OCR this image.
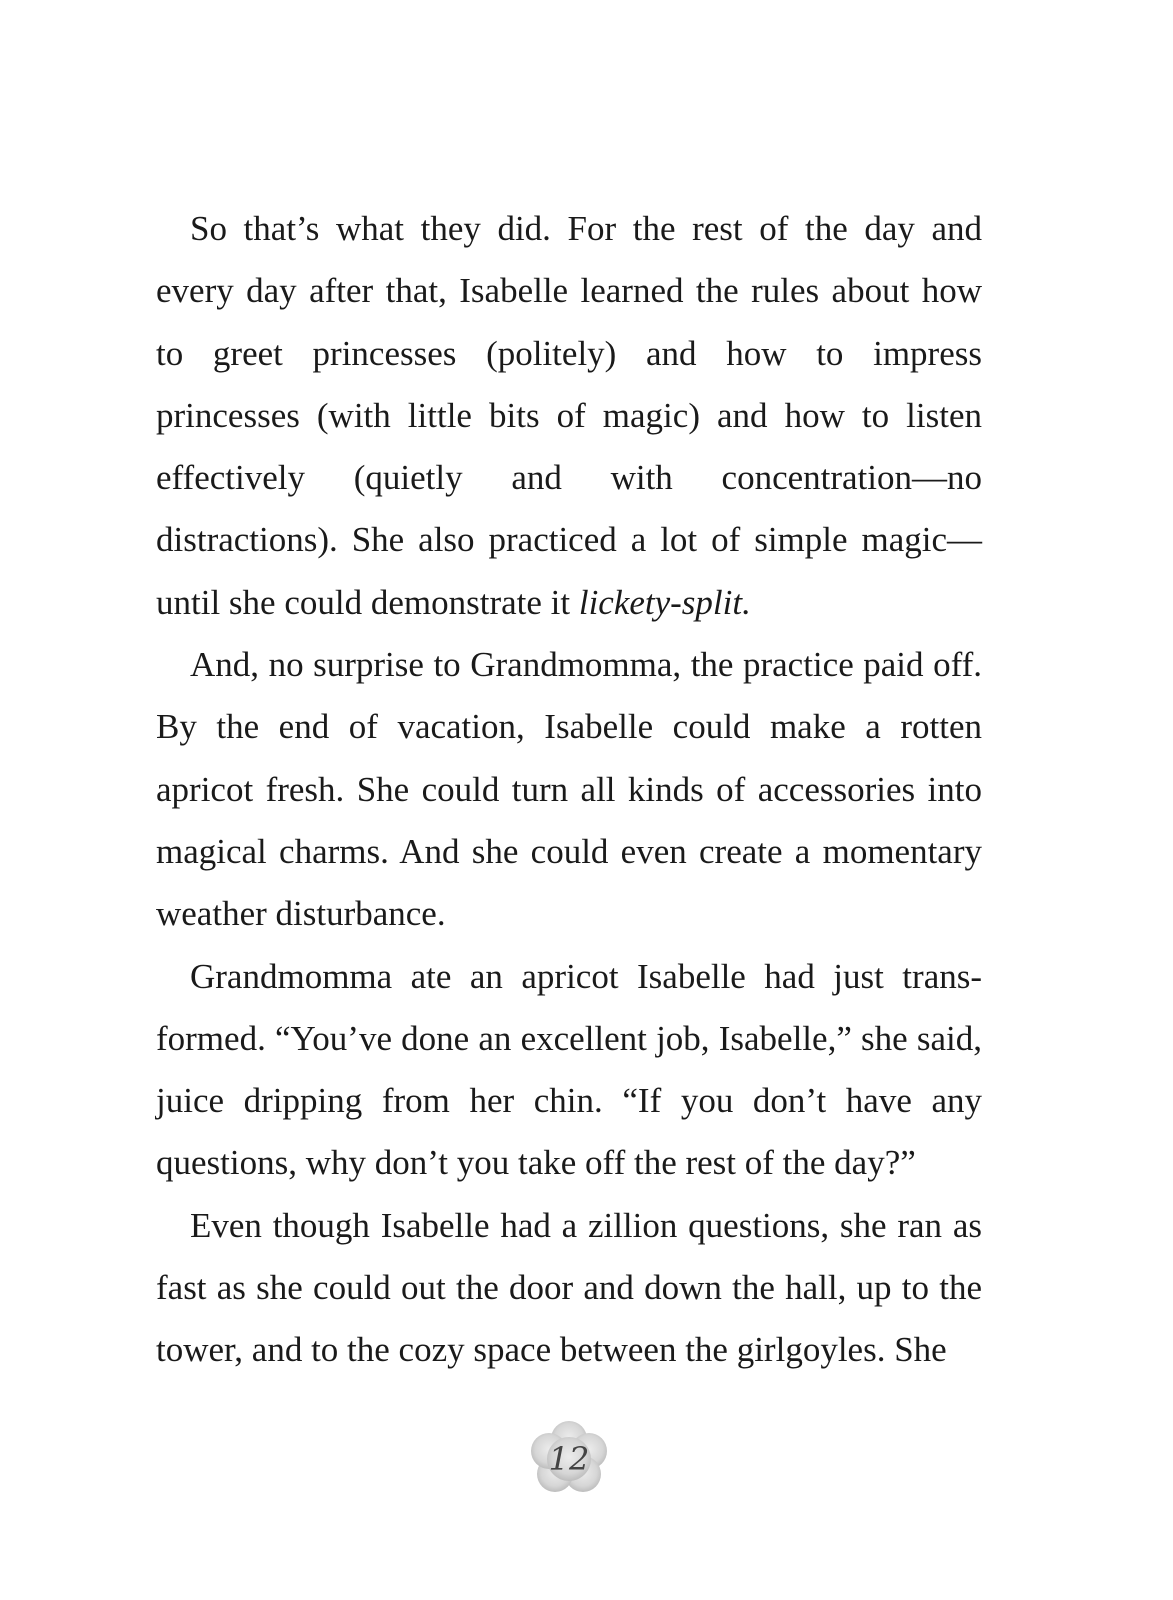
So that’s what they did. For the rest of the day and every day after that, Isabelle learned the rules about how to greet princesses (politely) and how to impress princesses (with little bits of magic) and how to listen effectively (quietly and with concentration—no distractions). She also practiced a lot of simple magic—until she could demonstrate it lickety-split.

And, no surprise to Grandmomma, the practice paid off. By the end of vacation, Isabelle could make a rotten apricot fresh. She could turn all kinds of accessories into magical charms. And she could even create a momentary weather disturbance.

Grandmomma ate an apricot Isabelle had just transformed. “You’ve done an excellent job, Isabelle,” she said, juice dripping from her chin. “If you don’t have any questions, why don’t you take off the rest of the day?”

Even though Isabelle had a zillion questions, she ran as fast as she could out the door and down the hall, up to the tower, and to the cozy space between the girlgoyles. She

12
